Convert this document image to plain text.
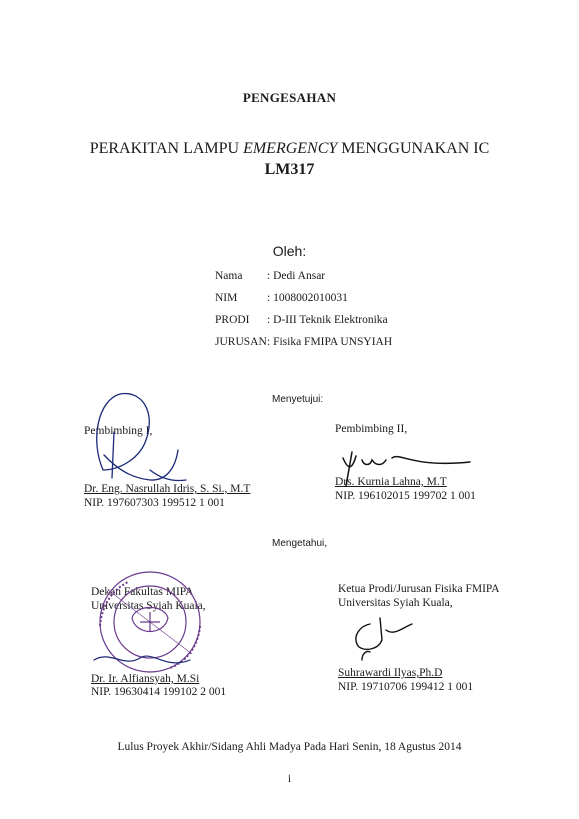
PENGESAHAN
PERAKITAN LAMPU EMERGENCY MENGGUNAKAN IC
LM317
Oleh:
Nama : Dedi Ansar
NIM	: 1008002010031
PRODI : D-III Teknik Elektronika
JURUSAN : Fisika FMIPA UNSYIAH
Menyetujui:
Pembimbing I,
Dr. Eng. Nasrullah Idris, S. Si., M.T
NIP. 197607303 199512 1 001
Pembimbing II,
Drs. Kurnia Lahna, M.T
NIP. 196102015 199702 1 001
Mengetahui,
Dekan Fakultas MIPA
Universitas Syiah Kuala,
Dr. Ir. Alfiansyah, M.Si
NIP. 19630414 199102 2 001
Ketua Prodi/Jurusan Fisika FMIPA
Universitas Syiah Kuala,
Suhrawardi Ilyas,Ph.D
NIP. 19710706 199412 1 001
Lulus Proyek Akhir/Sidang Ahli Madya Pada Hari Senin, 18 Agustus 2014
i
